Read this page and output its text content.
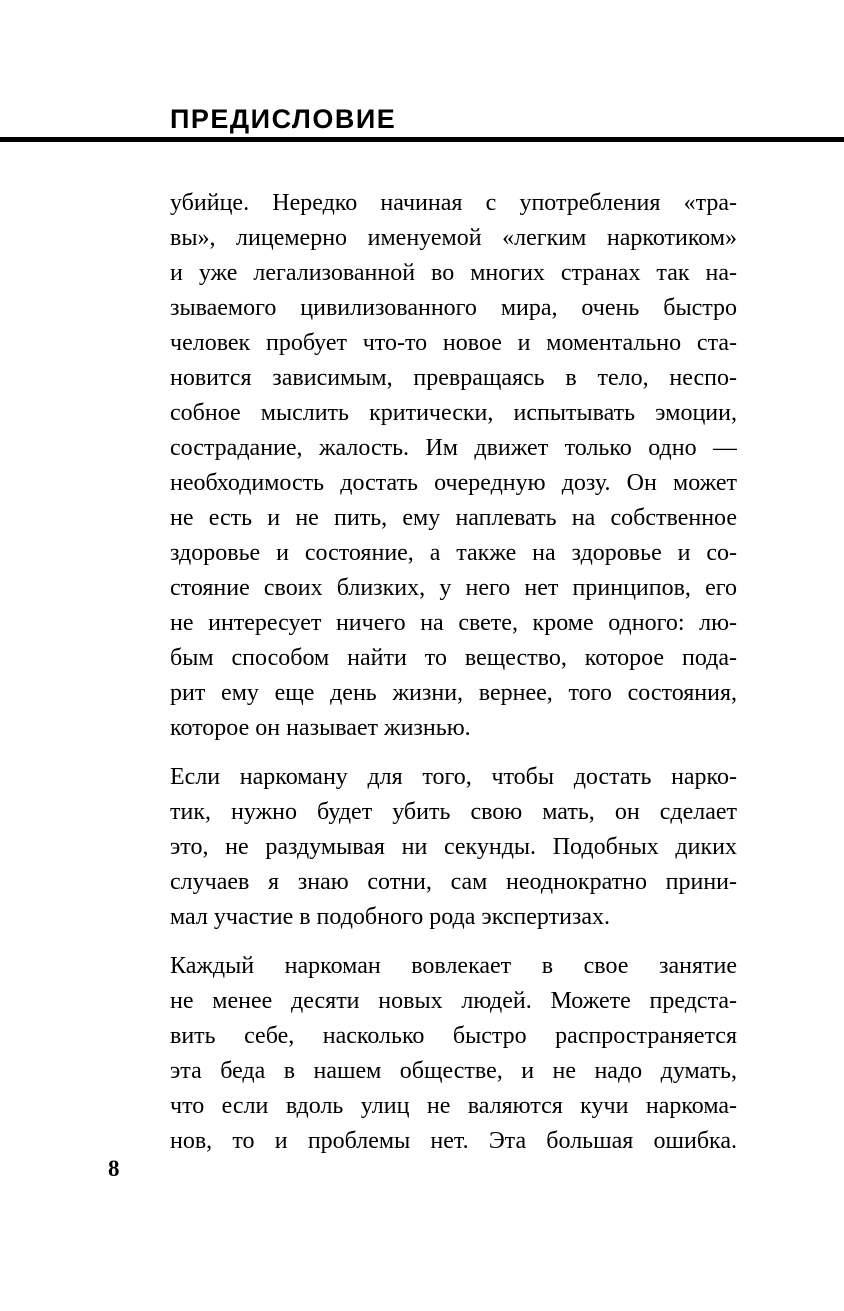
ПРЕДИСЛОВИЕ
убийце. Нередко начиная с употребления «тра-
вы», лицемерно именуемой «легким наркотиком»
и уже легализованной во многих странах так на-
зываемого цивилизованного мира, очень быстро
человек пробует что-то новое и моментально ста-
новится зависимым, превращаясь в тело, неспо-
собное мыслить критически, испытывать эмоции,
сострадание, жалость. Им движет только одно —
необходимость достать очередную дозу. Он может
не есть и не пить, ему наплевать на собственное
здоровье и состояние, а также на здоровье и со-
стояние своих близких, у него нет принципов, его
не интересует ничего на свете, кроме одного: лю-
бым способом найти то вещество, которое пода-
рит ему еще день жизни, вернее, того состояния,
которое он называет жизнью.
Если наркоману для того, чтобы достать нарко-
тик, нужно будет убить свою мать, он сделает
это, не раздумывая ни секунды. Подобных диких
случаев я знаю сотни, сам неоднократно прини-
мал участие в подобного рода экспертизах.
Каждый наркоман вовлекает в свое занятие
не менее десяти новых людей. Можете предста-
вить себе, насколько быстро распространяется
эта беда в нашем обществе, и не надо думать,
что если вдоль улиц не валяются кучи наркома-
нов, то и проблемы нет. Эта большая ошибка.
8
